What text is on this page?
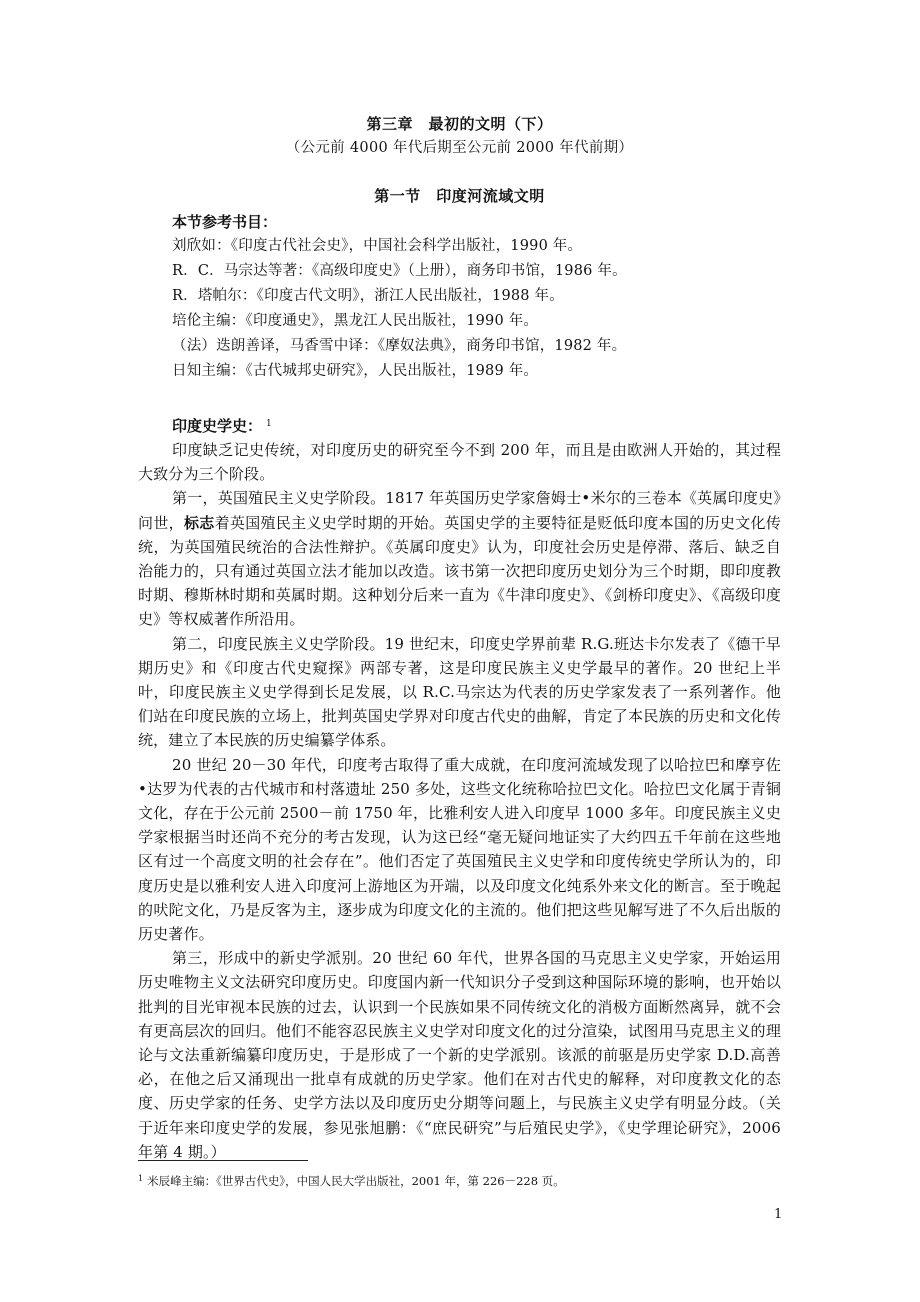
第三章　最初的文明（下）
（公元前 4000 年代后期至公元前 2000 年代前期）
第一节　印度河流域文明
本节参考书目：
刘欣如：《印度古代社会史》，中国社会科学出版社，1990 年。
R．C．马宗达等著：《高级印度史》（上册），商务印书馆，1986 年。
R．塔帕尔：《印度古代文明》，浙江人民出版社，1988 年。
培伦主编：《印度通史》，黑龙江人民出版社，1990 年。
（法）迭朗善译，马香雪中译：《摩奴法典》，商务印书馆，1982 年。
日知主编：《古代城邦史研究》，人民出版社，1989 年。
印度史学史： $^1$

印度缺乏记史传统，对印度历史的研究至今不到 200 年，而且是由欧洲人开始的，其过程大致分为三个阶段。

第一，英国殖民主义史学阶段。1817 年英国历史学家詹姆士•米尔的三卷本《英属印度史》问世，标志着英国殖民主义史学时期的开始。英国史学的主要特征是贬低印度本国的历史文化传统，为英国殖民统治的合法性辩护。《英属印度史》认为，印度社会历史是停滞、落后、缺乏自治能力的，只有通过英国立法才能加以改造。该书第一次把印度历史划分为三个时期，即印度教时期、穆斯林时期和英属时期。这种划分后来一直为《牛津印度史》、《剑桥印度史》、《高级印度史》等权威著作所沿用。

第二，印度民族主义史学阶段。19 世纪末，印度史学界前辈 R.G.班达卡尔发表了《德干早期历史》和《印度古代史窥探》两部专著，这是印度民族主义史学最早的著作。20 世纪上半叶，印度民族主义史学得到长足发展，以 R.C.马宗达为代表的历史学家发表了一系列著作。他们站在印度民族的立场上，批判英国史学界对印度古代史的曲解，肯定了本民族的历史和文化传统，建立了本民族的历史编纂学体系。

20 世纪 20－30 年代，印度考古取得了重大成就，在印度河流域发现了以哈拉巴和摩亨佐•达罗为代表的古代城市和村落遗址 250 多处，这些文化统称哈拉巴文化。哈拉巴文化属于青铜文化，存在于公元前 2500－前 1750 年，比雅利安人进入印度早 1000 多年。印度民族主义史学家根据当时还尚不充分的考古发现，认为这已经“毫无疑问地证实了大约四五千年前在这些地区有过一个高度文明的社会存在”。他们否定了英国殖民主义史学和印度传统史学所认为的，印度历史是以雅利安人进入印度河上游地区为开端，以及印度文化纯系外来文化的断言。至于晚起的吠陀文化，乃是反客为主，逐步成为印度文化的主流的。他们把这些见解写进了不久后出版的历史著作。

第三，形成中的新史学派别。20 世纪 60 年代，世界各国的马克思主义史学家，开始运用历史唯物主义文法研究印度历史。印度国内新一代知识分子受到这种国际环境的影响，也开始以批判的目光审视本民族的过去，认识到一个民族如果不同传统文化的消极方面断然离异，就不会有更高层次的回归。他们不能容忍民族主义史学对印度文化的过分渲染，试图用马克思主义的理论与文法重新编纂印度历史，于是形成了一个新的史学派别。该派的前驱是历史学家 D.D.高善必，在他之后又涌现出一批卓有成就的历史学家。他们在对古代史的解释，对印度教文化的态度、历史学家的任务、史学方法以及印度历史分期等问题上，与民族主义史学有明显分歧。（关于近年来印度史学的发展，参见张旭鹏：《“庶民研究”与后殖民史学》，《史学理论研究》，2006 年第 4 期。）

$^1$ 米辰峰主编：《世界古代史》，中国人民大学出版社，2001 年，第 226－228 页。
1
